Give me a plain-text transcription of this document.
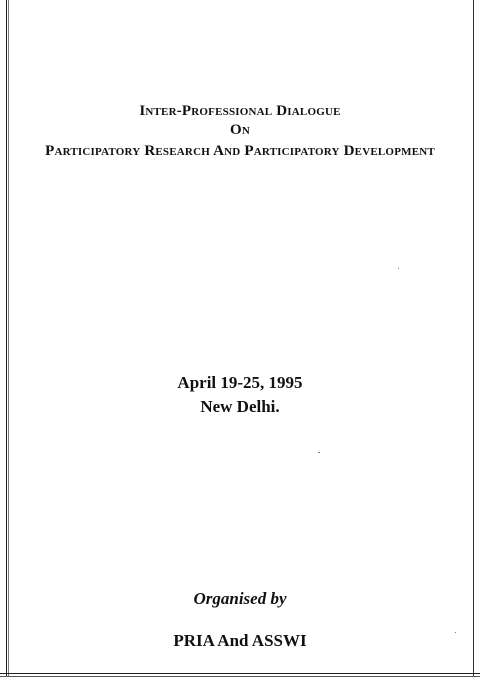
Inter-Professional Dialogue
On
Participatory Research And Participatory Development
April 19-25, 1995
New Delhi.
Organised by
PRIA And ASSWI
